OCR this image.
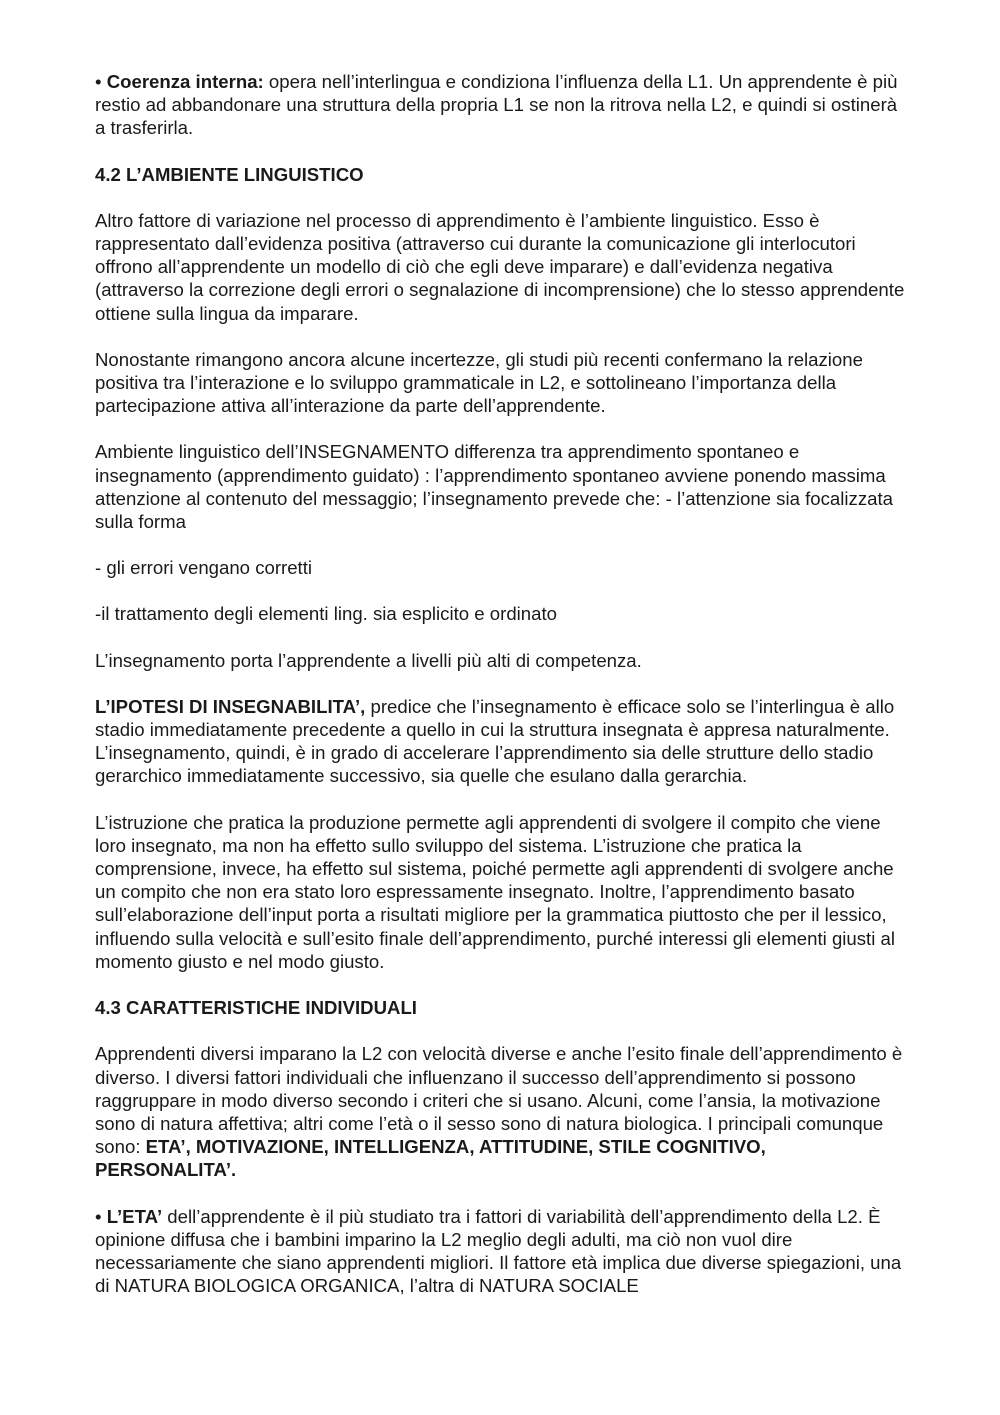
• Coerenza interna: opera nell’interlingua e condiziona l’influenza della L1. Un apprendente è più restio ad abbandonare una struttura della propria L1 se non la ritrova nella L2, e quindi si ostinerà a trasferirla.

4.2 L’AMBIENTE LINGUISTICO

Altro fattore di variazione nel processo di apprendimento è l’ambiente linguistico. Esso è rappresentato dall’evidenza positiva (attraverso cui durante la comunicazione gli interlocutori offrono all’apprendente un modello di ciò che egli deve imparare) e dall’evidenza negativa (attraverso la correzione degli errori o segnalazione di incomprensione) che lo stesso apprendente ottiene sulla lingua da imparare.

Nonostante rimangono ancora alcune incertezze, gli studi più recenti confermano la relazione positiva tra l’interazione e lo sviluppo grammaticale in L2, e sottolineano l’importanza della partecipazione attiva all’interazione da parte dell’apprendente.

Ambiente linguistico dell’INSEGNAMENTO differenza tra apprendimento spontaneo e insegnamento (apprendimento guidato) : l’apprendimento spontaneo avviene ponendo massima attenzione al contenuto del messaggio; l’insegnamento prevede che: - l’attenzione sia focalizzata sulla forma

- gli errori vengano corretti

-il trattamento degli elementi ling. sia esplicito e ordinato

L’insegnamento porta l’apprendente a livelli più alti di competenza.

L’IPOTESI DI INSEGNABILITA’, predice che l’insegnamento è efficace solo se l’interlingua è allo stadio immediatamente precedente a quello in cui la struttura insegnata è appresa naturalmente. L’insegnamento, quindi, è in grado di accelerare l’apprendimento sia delle strutture dello stadio gerarchico immediatamente successivo, sia quelle che esulano dalla gerarchia.

L’istruzione che pratica la produzione permette agli apprendenti di svolgere il compito che viene loro insegnato, ma non ha effetto sullo sviluppo del sistema. L’istruzione che pratica la comprensione, invece, ha effetto sul sistema, poiché permette agli apprendenti di svolgere anche un compito che non era stato loro espressamente insegnato. Inoltre, l’apprendimento basato sull’elaborazione dell’input porta a risultati migliore per la grammatica piuttosto che per il lessico, influendo sulla velocità e sull’esito finale dell’apprendimento, purché interessi gli elementi giusti al momento giusto e nel modo giusto.

4.3 CARATTERISTICHE INDIVIDUALI

Apprendenti diversi imparano la L2 con velocità diverse e anche l’esito finale dell’apprendimento è diverso. I diversi fattori individuali che influenzano il successo dell’apprendimento si possono raggruppare in modo diverso secondo i criteri che si usano. Alcuni, come l’ansia, la motivazione sono di natura affettiva; altri come l’età o il sesso sono di natura biologica. I principali comunque sono: ETA’, MOTIVAZIONE, INTELLIGENZA, ATTITUDINE, STILE COGNITIVO, PERSONALITA’.

• L’ETA’ dell’apprendente è il più studiato tra i fattori di variabilità dell’apprendimento della L2. È opinione diffusa che i bambini imparino la L2 meglio degli adulti, ma ciò non vuol dire necessariamente che siano apprendenti migliori. Il fattore età implica due diverse spiegazioni, una di NATURA BIOLOGICA ORGANICA, l’altra di NATURA SOCIALE
